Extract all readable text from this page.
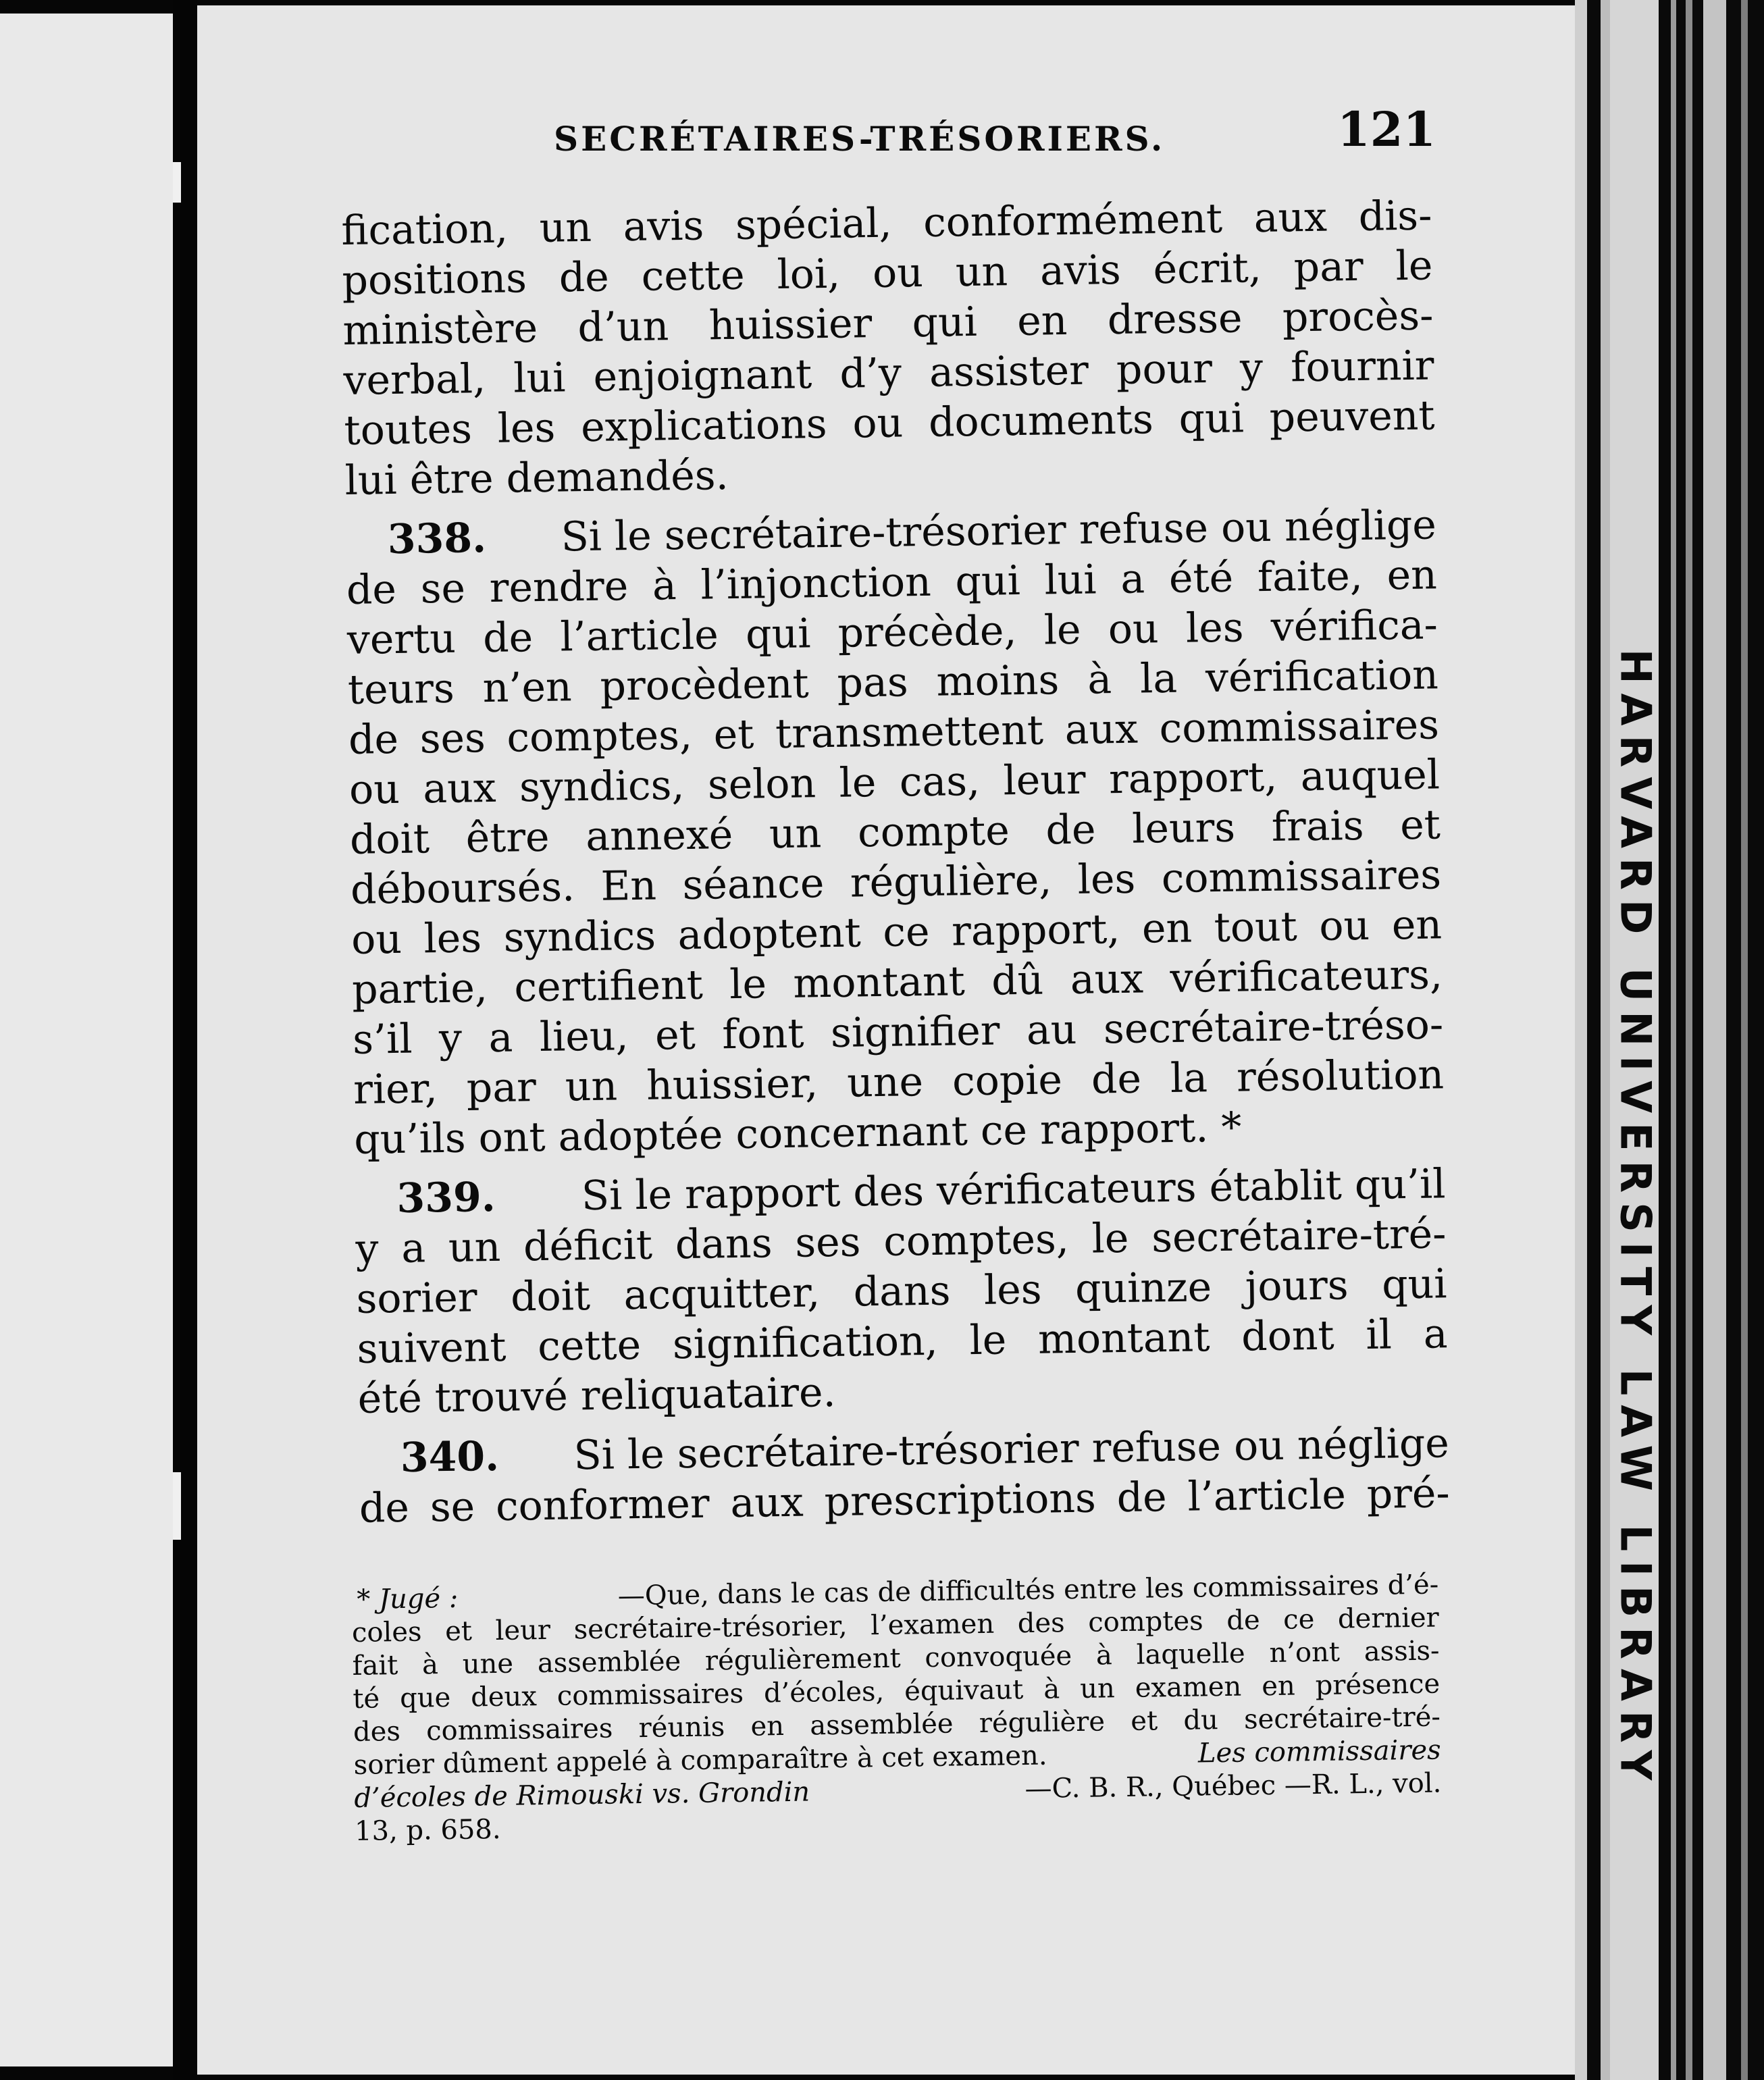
HARVARD UNIVERSITY LAW LIBRARY
SECRÉTAIRES-TRÉSORIERS.	121
fication, un avis spécial, conformément aux dis-
positions de cette loi, ou un avis écrit, par le
ministère d’un huissier qui en dresse procès-
verbal, lui enjoignant d’y assister pour y fournir
toutes les explications ou documents qui peuvent
lui être demandés.
338. Si le secrétaire-trésorier refuse ou néglige
de se rendre à l’injonction qui lui a été faite, en
vertu de l’article qui précède, le ou les vérifica-
teurs n’en procèdent pas moins à la vérification
de ses comptes, et transmettent aux commissaires
ou aux syndics, selon le cas, leur rapport, auquel
doit être annexé un compte de leurs frais et
déboursés. En séance régulière, les commissaires
ou les syndics adoptent ce rapport, en tout ou en
partie, certifient le montant dû aux vérificateurs,
s’il y a lieu, et font signifier au secrétaire-tréso-
rier, par un huissier, une copie de la résolution
qu’ils ont adoptée concernant ce rapport. *
339. Si le rapport des vérificateurs établit qu’il
y a un déficit dans ses comptes, le secrétaire-tré-
sorier doit acquitter, dans les quinze jours qui
suivent cette signification, le montant dont il a
été trouvé reliquataire.
340. Si le secrétaire-trésorier refuse ou néglige
de se conformer aux prescriptions de l’article pré-
* Jugé :	—Que, dans le cas de difficultés entre les commissaires d’é-
coles et leur secrétaire-trésorier, l’examen des comptes de ce dernier
fait à une assemblée régulièrement convoquée à laquelle n’ont assis-
té que deux commissaires d’écoles, équivaut à un examen en présence
des commissaires réunis en assemblée régulière et du secrétaire-tré-
sorier dûment appelé à comparaître à cet examen.	Les commissaires
d’écoles de Rimouski vs. Grondin	—C. B. R., Québec —R. L., vol.
13, p. 658.
